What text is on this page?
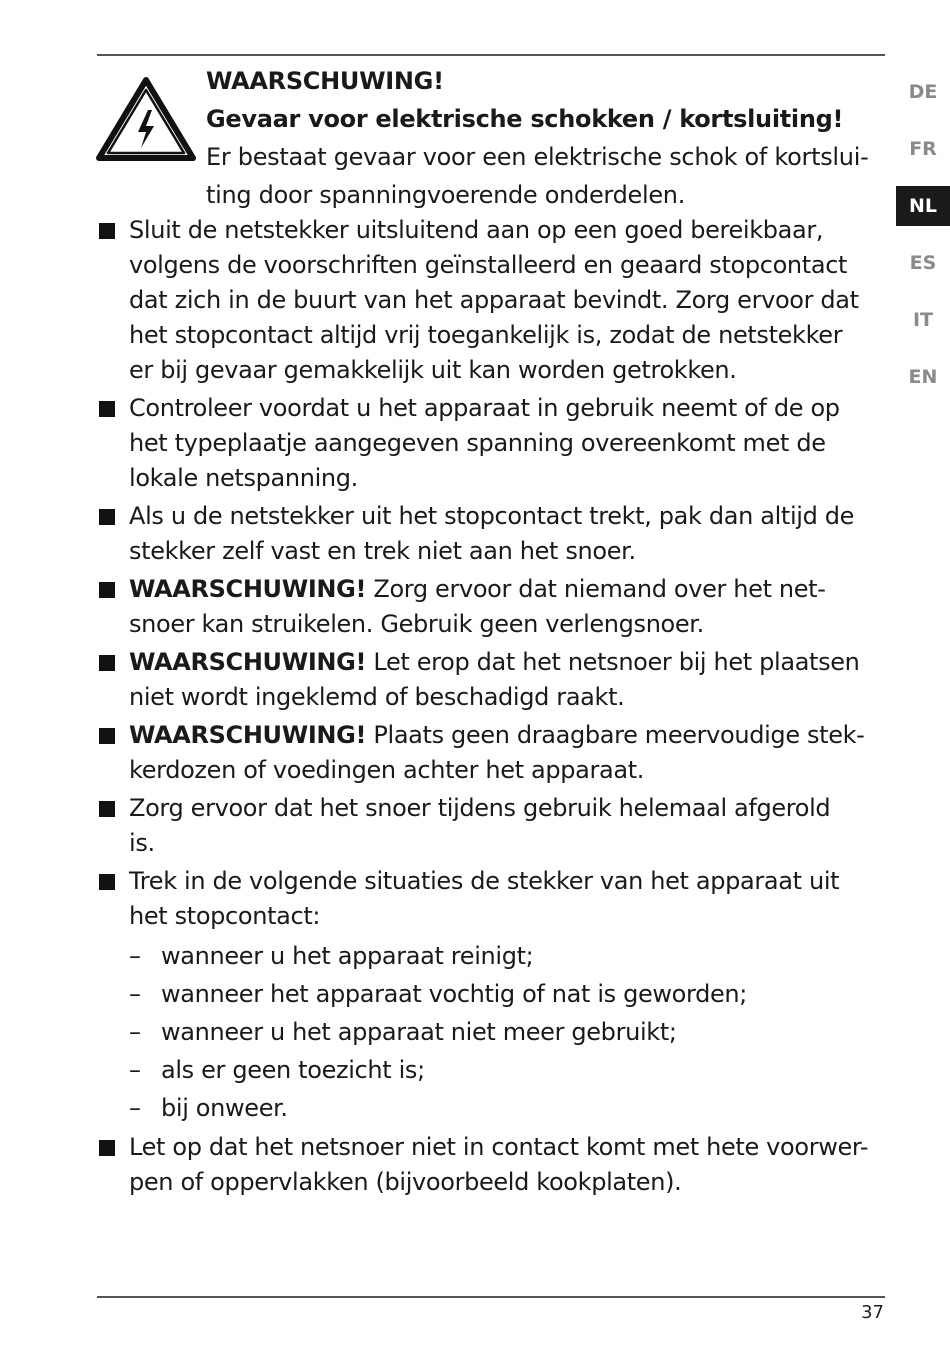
WAARSCHUWING!
Gevaar voor elektrische schokken / kortsluiting!
Er bestaat gevaar voor een elektrische schok of kortslui-
ting door spanningvoerende onderdelen.
Sluit de netstekker uitsluitend aan op een goed bereikbaar,
volgens de voorschriften geïnstalleerd en geaard stopcontact
dat zich in de buurt van het apparaat bevindt. Zorg ervoor dat
het stopcontact altijd vrij toegankelijk is, zodat de netstekker
er bij gevaar gemakkelijk uit kan worden getrokken.
Controleer voordat u het apparaat in gebruik neemt of de op
het typeplaatje aangegeven spanning overeenkomt met de
lokale netspanning.
Als u de netstekker uit het stopcontact trekt, pak dan altijd de
stekker zelf vast en trek niet aan het snoer.
WAARSCHUWING! Zorg ervoor dat niemand over het net-
snoer kan struikelen. Gebruik geen verlengsnoer.
WAARSCHUWING! Let erop dat het netsnoer bij het plaatsen
niet wordt ingeklemd of beschadigd raakt.
WAARSCHUWING! Plaats geen draagbare meervoudige stek-
kerdozen of voedingen achter het apparaat.
Zorg ervoor dat het snoer tijdens gebruik helemaal afgerold
is.
Trek in de volgende situaties de stekker van het apparaat uit
het stopcontact:
– wanneer u het apparaat reinigt;
– wanneer het apparaat vochtig of nat is geworden;
– wanneer u het apparaat niet meer gebruikt;
– als er geen toezicht is;
– bij onweer.
Let op dat het netsnoer niet in contact komt met hete voorwer-
pen of oppervlakken (bijvoorbeeld kookplaten).
DE
FR
NL
ES
IT
EN
37
